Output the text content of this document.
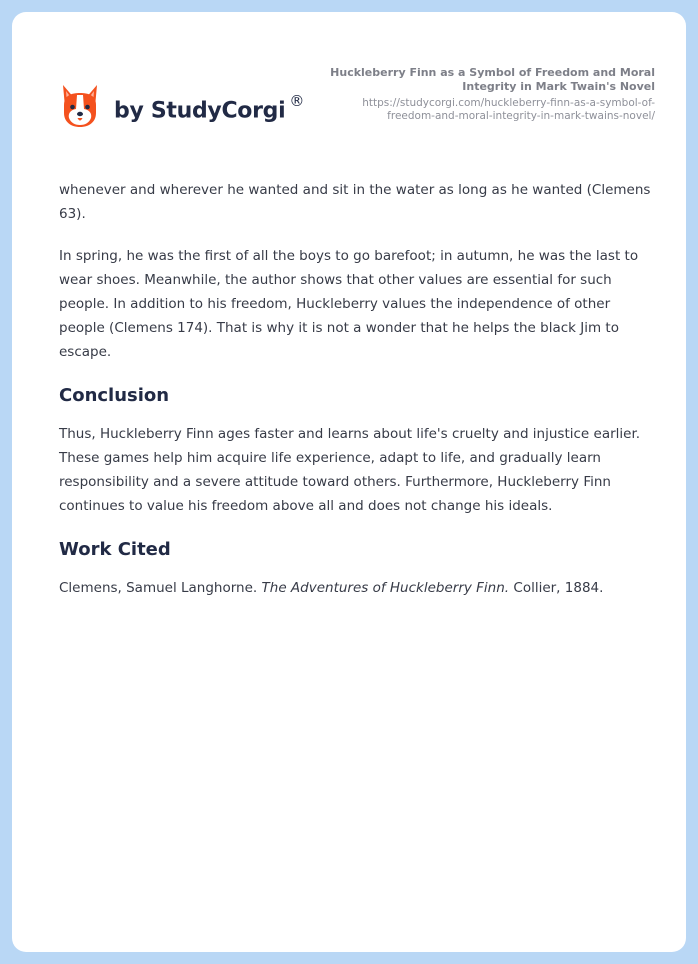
by StudyCorgi ®
Huckleberry Finn as a Symbol of Freedom and Moral Integrity in Mark Twain's Novel
https://studycorgi.com/huckleberry-finn-as-a-symbol-of-freedom-and-moral-integrity-in-mark-twains-novel/

whenever and wherever he wanted and sit in the water as long as he wanted (Clemens 63).

In spring, he was the first of all the boys to go barefoot; in autumn, he was the last to wear shoes. Meanwhile, the author shows that other values are essential for such people. In addition to his freedom, Huckleberry values the independence of other people (Clemens 174). That is why it is not a wonder that he helps the black Jim to escape.

Conclusion

Thus, Huckleberry Finn ages faster and learns about life's cruelty and injustice earlier. These games help him acquire life experience, adapt to life, and gradually learn responsibility and a severe attitude toward others. Furthermore, Huckleberry Finn continues to value his freedom above all and does not change his ideals.

Work Cited

Clemens, Samuel Langhorne. The Adventures of Huckleberry Finn. Collier, 1884.
